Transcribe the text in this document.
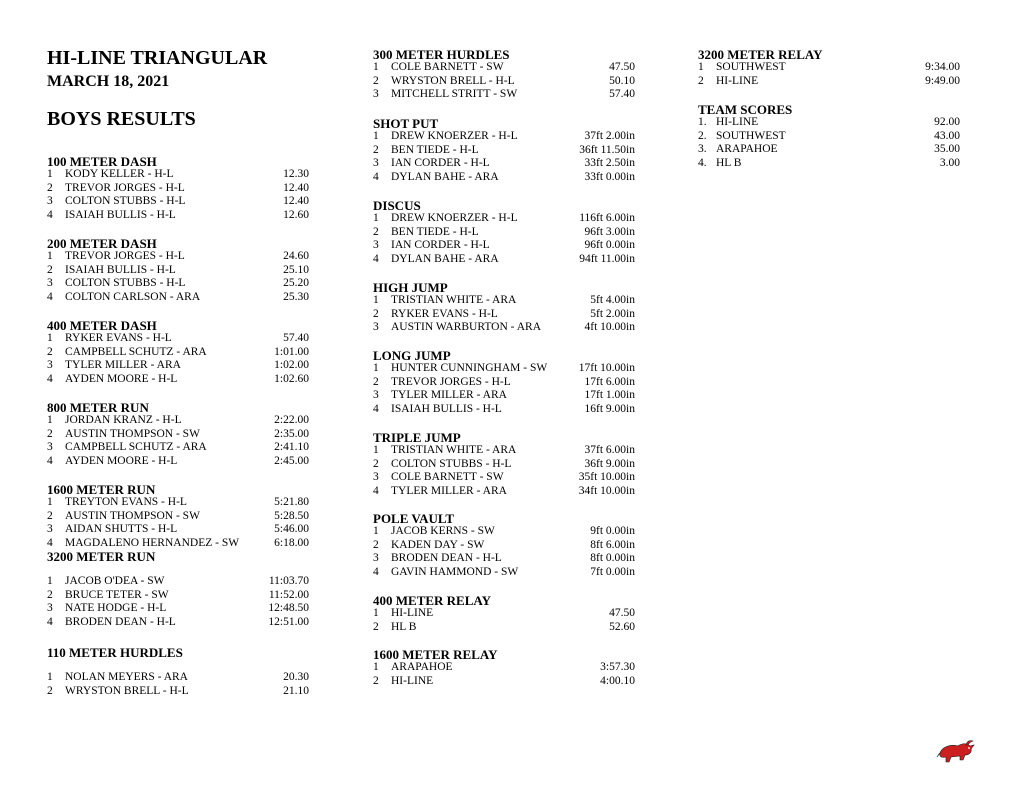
HI-LINE TRIANGULAR
MARCH 18, 2021
BOYS RESULTS
100 METER DASH
1 KODY KELLER - H-L	12.30
2 TREVOR JORGES - H-L	12.40
3 COLTON STUBBS - H-L	12.40
4 ISAIAH BULLIS - H-L	12.60
200 METER DASH
1 TREVOR JORGES - H-L	24.60
2 ISAIAH BULLIS - H-L	25.10
3 COLTON STUBBS - H-L	25.20
4 COLTON CARLSON - ARA	25.30
400 METER DASH
1 RYKER EVANS - H-L	57.40
2 CAMPBELL SCHUTZ - ARA	1:01.00
3 TYLER MILLER - ARA	1:02.00
4 AYDEN MOORE - H-L	1:02.60
800 METER RUN
1 JORDAN KRANZ - H-L	2:22.00
2 AUSTIN THOMPSON - SW	2:35.00
3 CAMPBELL SCHUTZ - ARA	2:41.10
4 AYDEN MOORE - H-L	2:45.00
1600 METER RUN
1 TREYTON EVANS - H-L	5:21.80
2 AUSTIN THOMPSON - SW	5:28.50
3 AIDAN SHUTTS - H-L	5:46.00
4 MAGDALENO HERNANDEZ - SW	6:18.00
3200 METER RUN
1 JACOB O'DEA - SW	11:03.70
2 BRUCE TETER - SW	11:52.00
3 NATE HODGE - H-L	12:48.50
4 BRODEN DEAN - H-L	12:51.00
110 METER HURDLES
1 NOLAN MEYERS - ARA	20.30
2 WRYSTON BRELL - H-L	21.10
300 METER HURDLES
1 COLE BARNETT - SW	47.50
2 WRYSTON BRELL - H-L	50.10
3 MITCHELL STRITT - SW	57.40
SHOT PUT
1 DREW KNOERZER - H-L	37ft 2.00in
2 BEN TIEDE - H-L	36ft 11.50in
3 IAN CORDER - H-L	33ft 2.50in
4 DYLAN BAHE - ARA	33ft 0.00in
DISCUS
1 DREW KNOERZER - H-L	116ft 6.00in
2 BEN TIEDE - H-L	96ft 3.00in
3 IAN CORDER - H-L	96ft 0.00in
4 DYLAN BAHE - ARA	94ft 11.00in
HIGH JUMP
1 TRISTIAN WHITE - ARA	5ft 4.00in
2 RYKER EVANS - H-L	5ft 2.00in
3 AUSTIN WARBURTON - ARA	4ft 10.00in
LONG JUMP
1 HUNTER CUNNINGHAM - SW	17ft 10.00in
2 TREVOR JORGES - H-L	17ft 6.00in
3 TYLER MILLER - ARA	17ft 1.00in
4 ISAIAH BULLIS - H-L	16ft 9.00in
TRIPLE JUMP
1 TRISTIAN WHITE - ARA	37ft 6.00in
2 COLTON STUBBS - H-L	36ft 9.00in
3 COLE BARNETT - SW	35ft 10.00in
4 TYLER MILLER - ARA	34ft 10.00in
POLE VAULT
1 JACOB KERNS - SW	9ft 0.00in
2 KADEN DAY - SW	8ft 6.00in
3 BRODEN DEAN - H-L	8ft 0.00in
4 GAVIN HAMMOND - SW	7ft 0.00in
400 METER RELAY
1 HI-LINE	47.50
2 HL B	52.60
1600 METER RELAY
1 ARAPAHOE	3:57.30
2 HI-LINE	4:00.10
3200 METER RELAY
1 SOUTHWEST	9:34.00
2 HI-LINE	9:49.00
TEAM SCORES
1. HI-LINE	92.00
2. SOUTHWEST	43.00
3. ARAPAHOE	35.00
4. HL B	3.00
